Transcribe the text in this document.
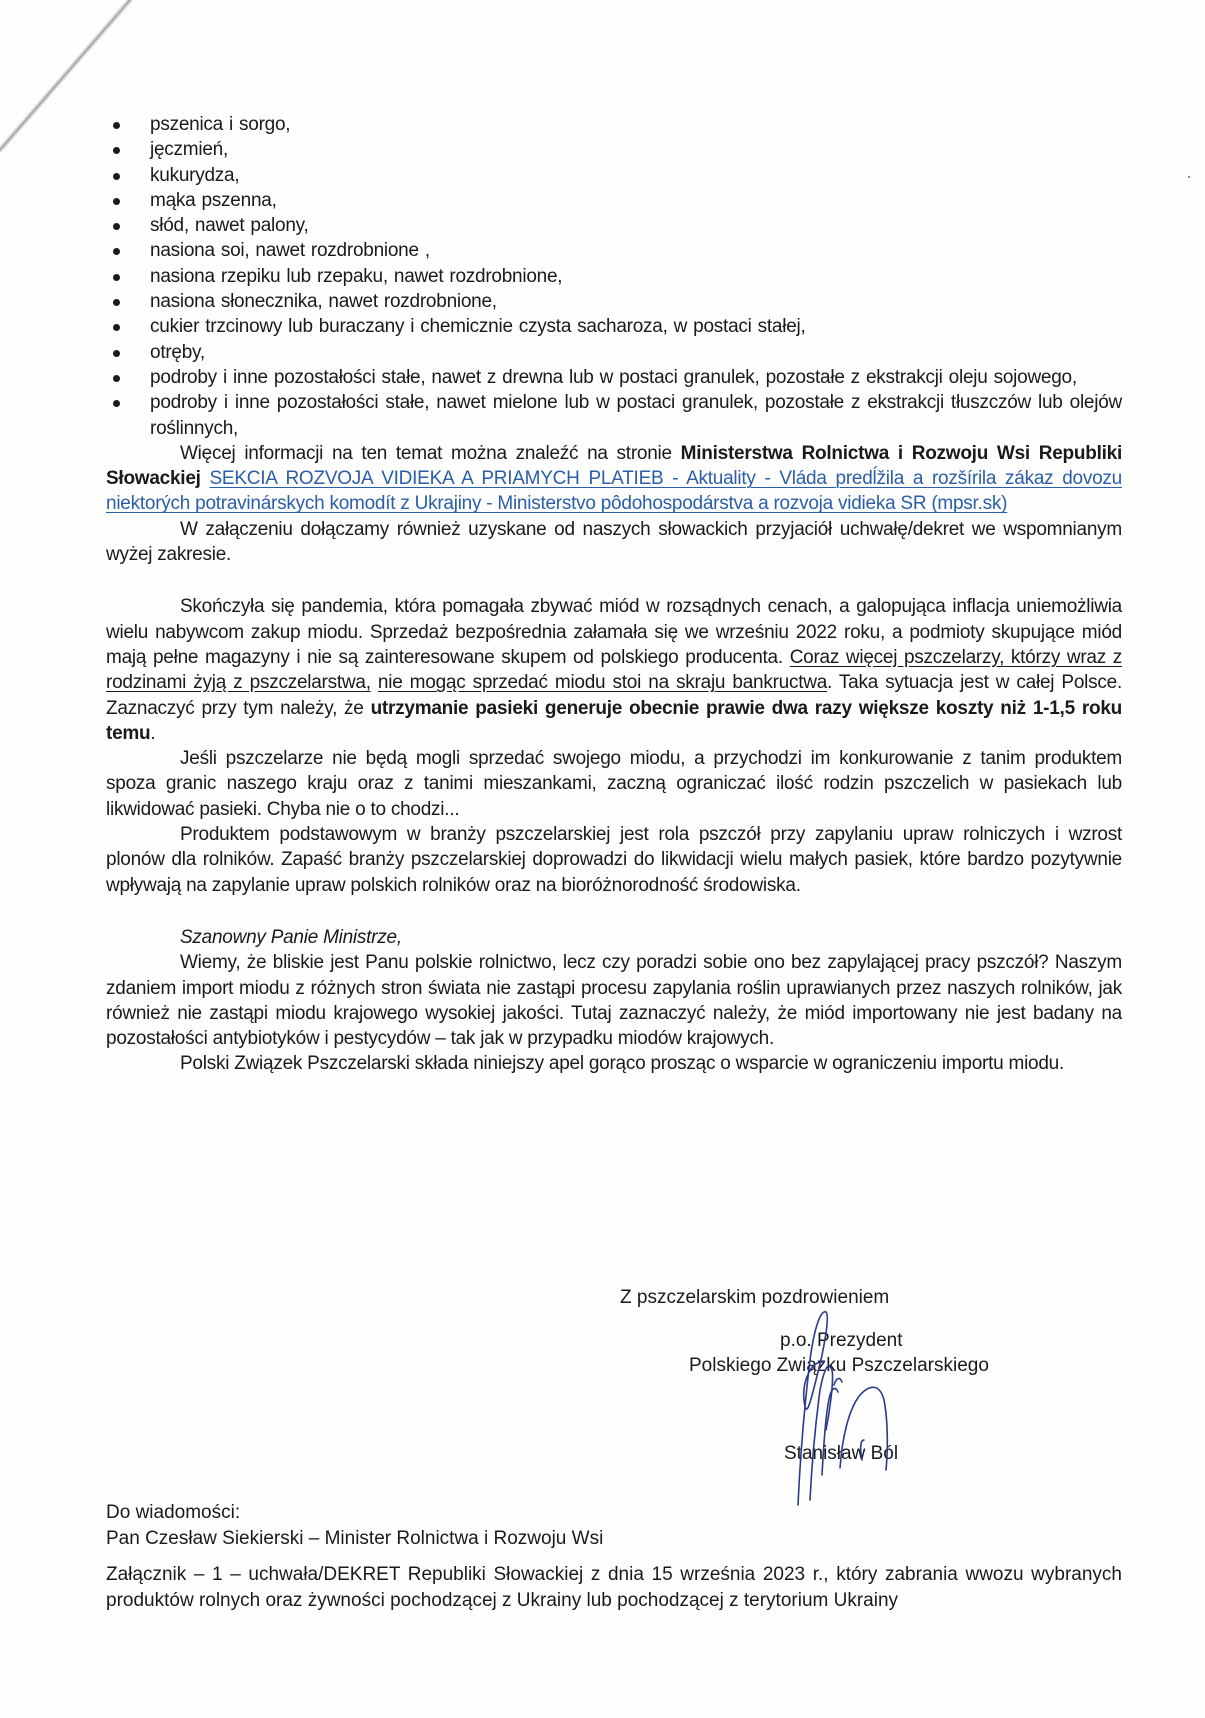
pszenica i sorgo,
jęczmień,
kukurydza,
mąka pszenna,
słód, nawet palony,
nasiona soi, nawet rozdrobnione ,
nasiona rzepiku lub rzepaku, nawet rozdrobnione,
nasiona słonecznika, nawet rozdrobnione,
cukier trzcinowy lub buraczany i chemicznie czysta sacharoza, w postaci stałej,
otręby,
podroby i inne pozostałości stałe, nawet z drewna lub w postaci granulek, pozostałe z ekstrakcji oleju sojowego,
podroby i inne pozostałości stałe, nawet mielone lub w postaci granulek, pozostałe z ekstrakcji tłuszczów lub olejów roślinnych,

Więcej informacji na ten temat można znaleźć na stronie Ministerstwa Rolnictwa i Rozwoju Wsi Republiki Słowackiej SEKCIA ROZVOJA VIDIEKA A PRIAMYCH PLATIEB - Aktuality - Vláda predĺžila a rozšírila zákaz dovozu niektorých potravinárskych komodít z Ukrajiny - Ministerstvo pôdohospodárstva a rozvoja vidieka SR (mpsr.sk)

W załączeniu dołączamy również uzyskane od naszych słowackich przyjaciół uchwałę/dekret we wspomnianym wyżej zakresie.

Skończyła się pandemia, która pomagała zbywać miód w rozsądnych cenach, a galopująca inflacja uniemożliwia wielu nabywcom zakup miodu. Sprzedaż bezpośrednia załamała się we wrześniu 2022 roku, a podmioty skupujące miód mają pełne magazyny i nie są zainteresowane skupem od polskiego producenta. Coraz więcej pszczelarzy, którzy wraz z rodzinami żyją z pszczelarstwa, nie mogąc sprzedać miodu stoi na skraju bankructwa. Taka sytuacja jest w całej Polsce. Zaznaczyć przy tym należy, że utrzymanie pasieki generuje obecnie prawie dwa razy większe koszty niż 1-1,5 roku temu.

Jeśli pszczelarze nie będą mogli sprzedać swojego miodu, a przychodzi im konkurowanie z tanim produktem spoza granic naszego kraju oraz z tanimi mieszankami, zaczną ograniczać ilość rodzin pszczelich w pasiekach lub likwidować pasieki. Chyba nie o to chodzi...

Produktem podstawowym w branży pszczelarskiej jest rola pszczół przy zapylaniu upraw rolniczych i wzrost plonów dla rolników. Zapaść branży pszczelarskiej doprowadzi do likwidacji wielu małych pasiek, które bardzo pozytywnie wpływają na zapylanie upraw polskich rolników oraz na bioróżnorodność środowiska.

Szanowny Panie Ministrze,

Wiemy, że bliskie jest Panu polskie rolnictwo, lecz czy poradzi sobie ono bez zapylającej pracy pszczół? Naszym zdaniem import miodu z różnych stron świata nie zastąpi procesu zapylania roślin uprawianych przez naszych rolników, jak również nie zastąpi miodu krajowego wysokiej jakości. Tutaj zaznaczyć należy, że miód importowany nie jest badany na pozostałości antybiotyków i pestycydów – tak jak w przypadku miodów krajowych.

Polski Związek Pszczelarski składa niniejszy apel gorąco prosząc o wsparcie w ograniczeniu importu miodu.

Z pszczelarskim pozdrowieniem
p.o. Prezydent
Polskiego Związku Pszczelarskiego
Stanisław Ból
Do wiadomości:
Pan Czesław Siekierski – Minister Rolnictwa i Rozwoju Wsi
Załącznik – 1 – uchwała/DEKRET Republiki Słowackiej z dnia 15 września 2023 r., który zabrania wwozu wybranych produktów rolnych oraz żywności pochodzącej z Ukrainy lub pochodzącej z terytorium Ukrainy
